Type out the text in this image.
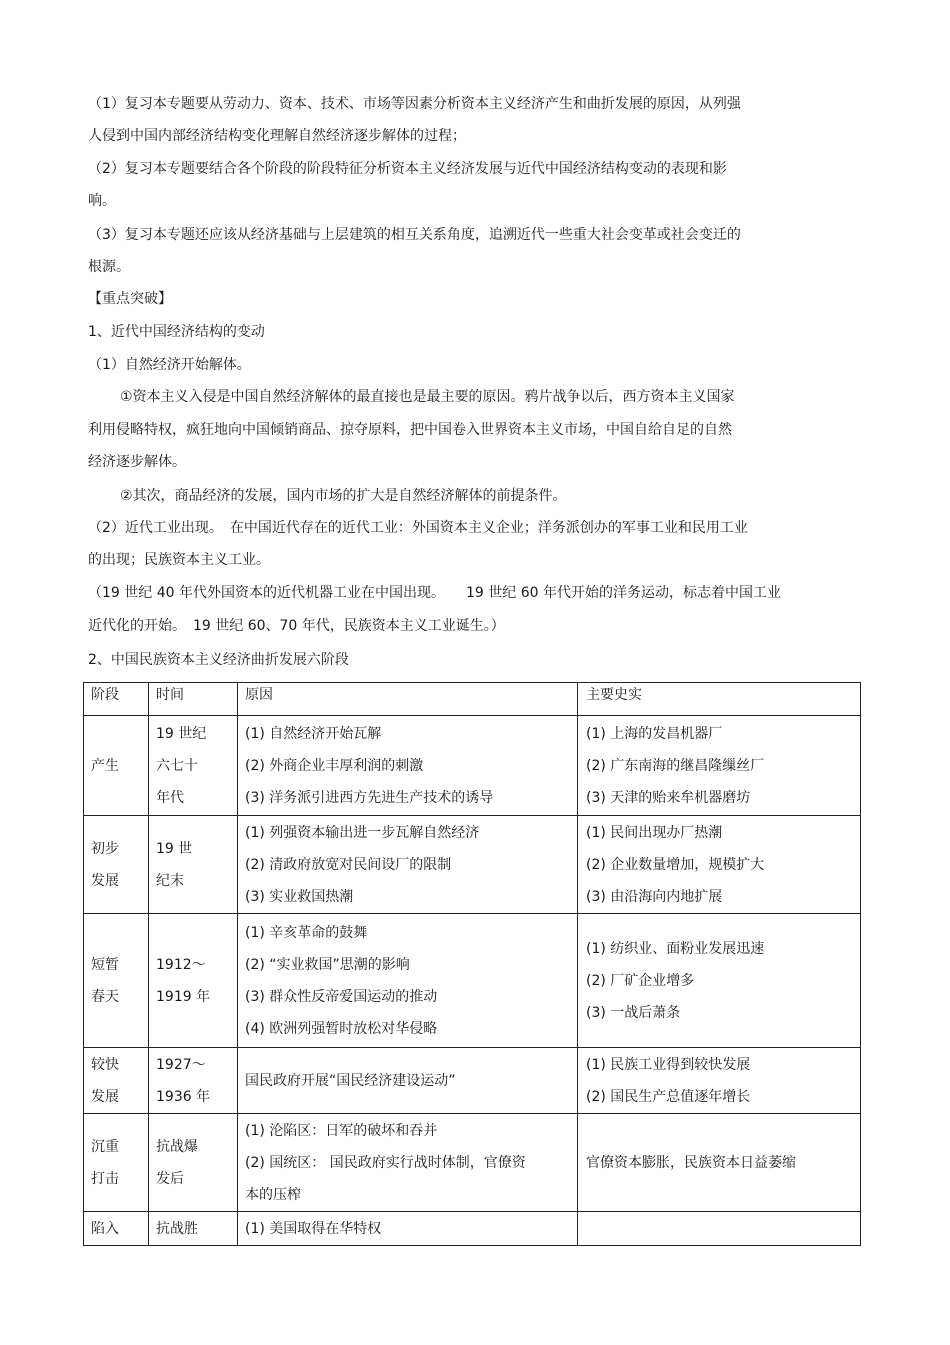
（1）复习本专题要从劳动力、资本、技术、市场等因素分析资本主义经济产生和曲折发展的原因，从列强
人侵到中国内部经济结构变化理解自然经济逐步解体的过程；
（2）复习本专题要结合各个阶段的阶段特征分析资本主义经济发展与近代中国经济结构变动的表现和影
响。
（3）复习本专题还应该从经济基础与上层建筑的相互关系角度，追溯近代一些重大社会变革或社会变迁的
根源。
【重点突破】
1、近代中国经济结构的变动
（1）自然经济开始解体。
①资本主义入侵是中国自然经济解体的最直接也是最主要的原因。鸦片战争以后，西方资本主义国家
利用侵略特权，疯狂地向中国倾销商品、掠夺原料，把中国卷入世界资本主义市场，中国自给自足的自然
经济逐步解体。
②其次，商品经济的发展，国内市场的扩大是自然经济解体的前提条件。
（2）近代工业出现。　在中国近代存在的近代工业：外国资本主义企业；洋务派创办的军事工业和民用工业
的出现；民族资本主义工业。
（19 世纪 40 年代外国资本的近代机器工业在中国出现。　　19 世纪 60 年代开始的洋务运动，标志着中国工业
近代化的开始。　19 世纪 60、70 年代，民族资本主义工业诞生。）
2、中国民族资本主义经济曲折发展六阶段
阶段	时间	原因	主要史实

产生	19 世纪
六七十
年代	(1) 自然经济开始瓦解
(2) 外商企业丰厚利润的刺激
(3) 洋务派引进西方先进生产技术的诱导	(1) 上海的发昌机器厂
(2) 广东南海的继昌隆缫丝厂
(3) 天津的贻来牟机器磨坊

初步
发展	19 世
纪末	(1) 列强资本输出进一步瓦解自然经济
(2) 清政府放宽对民间设厂的限制
(3) 实业救国热潮	(1) 民间出现办厂热潮
(2) 企业数量增加，规模扩大
(3) 由沿海向内地扩展

短暂
春天	1912～
1919 年	(1) 辛亥革命的鼓舞
(2) “实业救国”思潮的影响
(3) 群众性反帝爱国运动的推动
(4) 欧洲列强暂时放松对华侵略	(1) 纺织业、面粉业发展迅速
(2) 厂矿企业增多
(3) 一战后萧条

较快
发展	1927～
1936 年	国民政府开展“国民经济建设运动”	(1) 民族工业得到较快发展
(2) 国民生产总值逐年增长

沉重
打击	抗战爆
发后	(1) 沦陷区：日军的破坏和吞并
(2) 国统区： 国民政府实行战时体制，官僚资
本的压榨	官僚资本膨胀，民族资本日益萎缩

陷入	抗战胜	(1) 美国取得在华特权	
